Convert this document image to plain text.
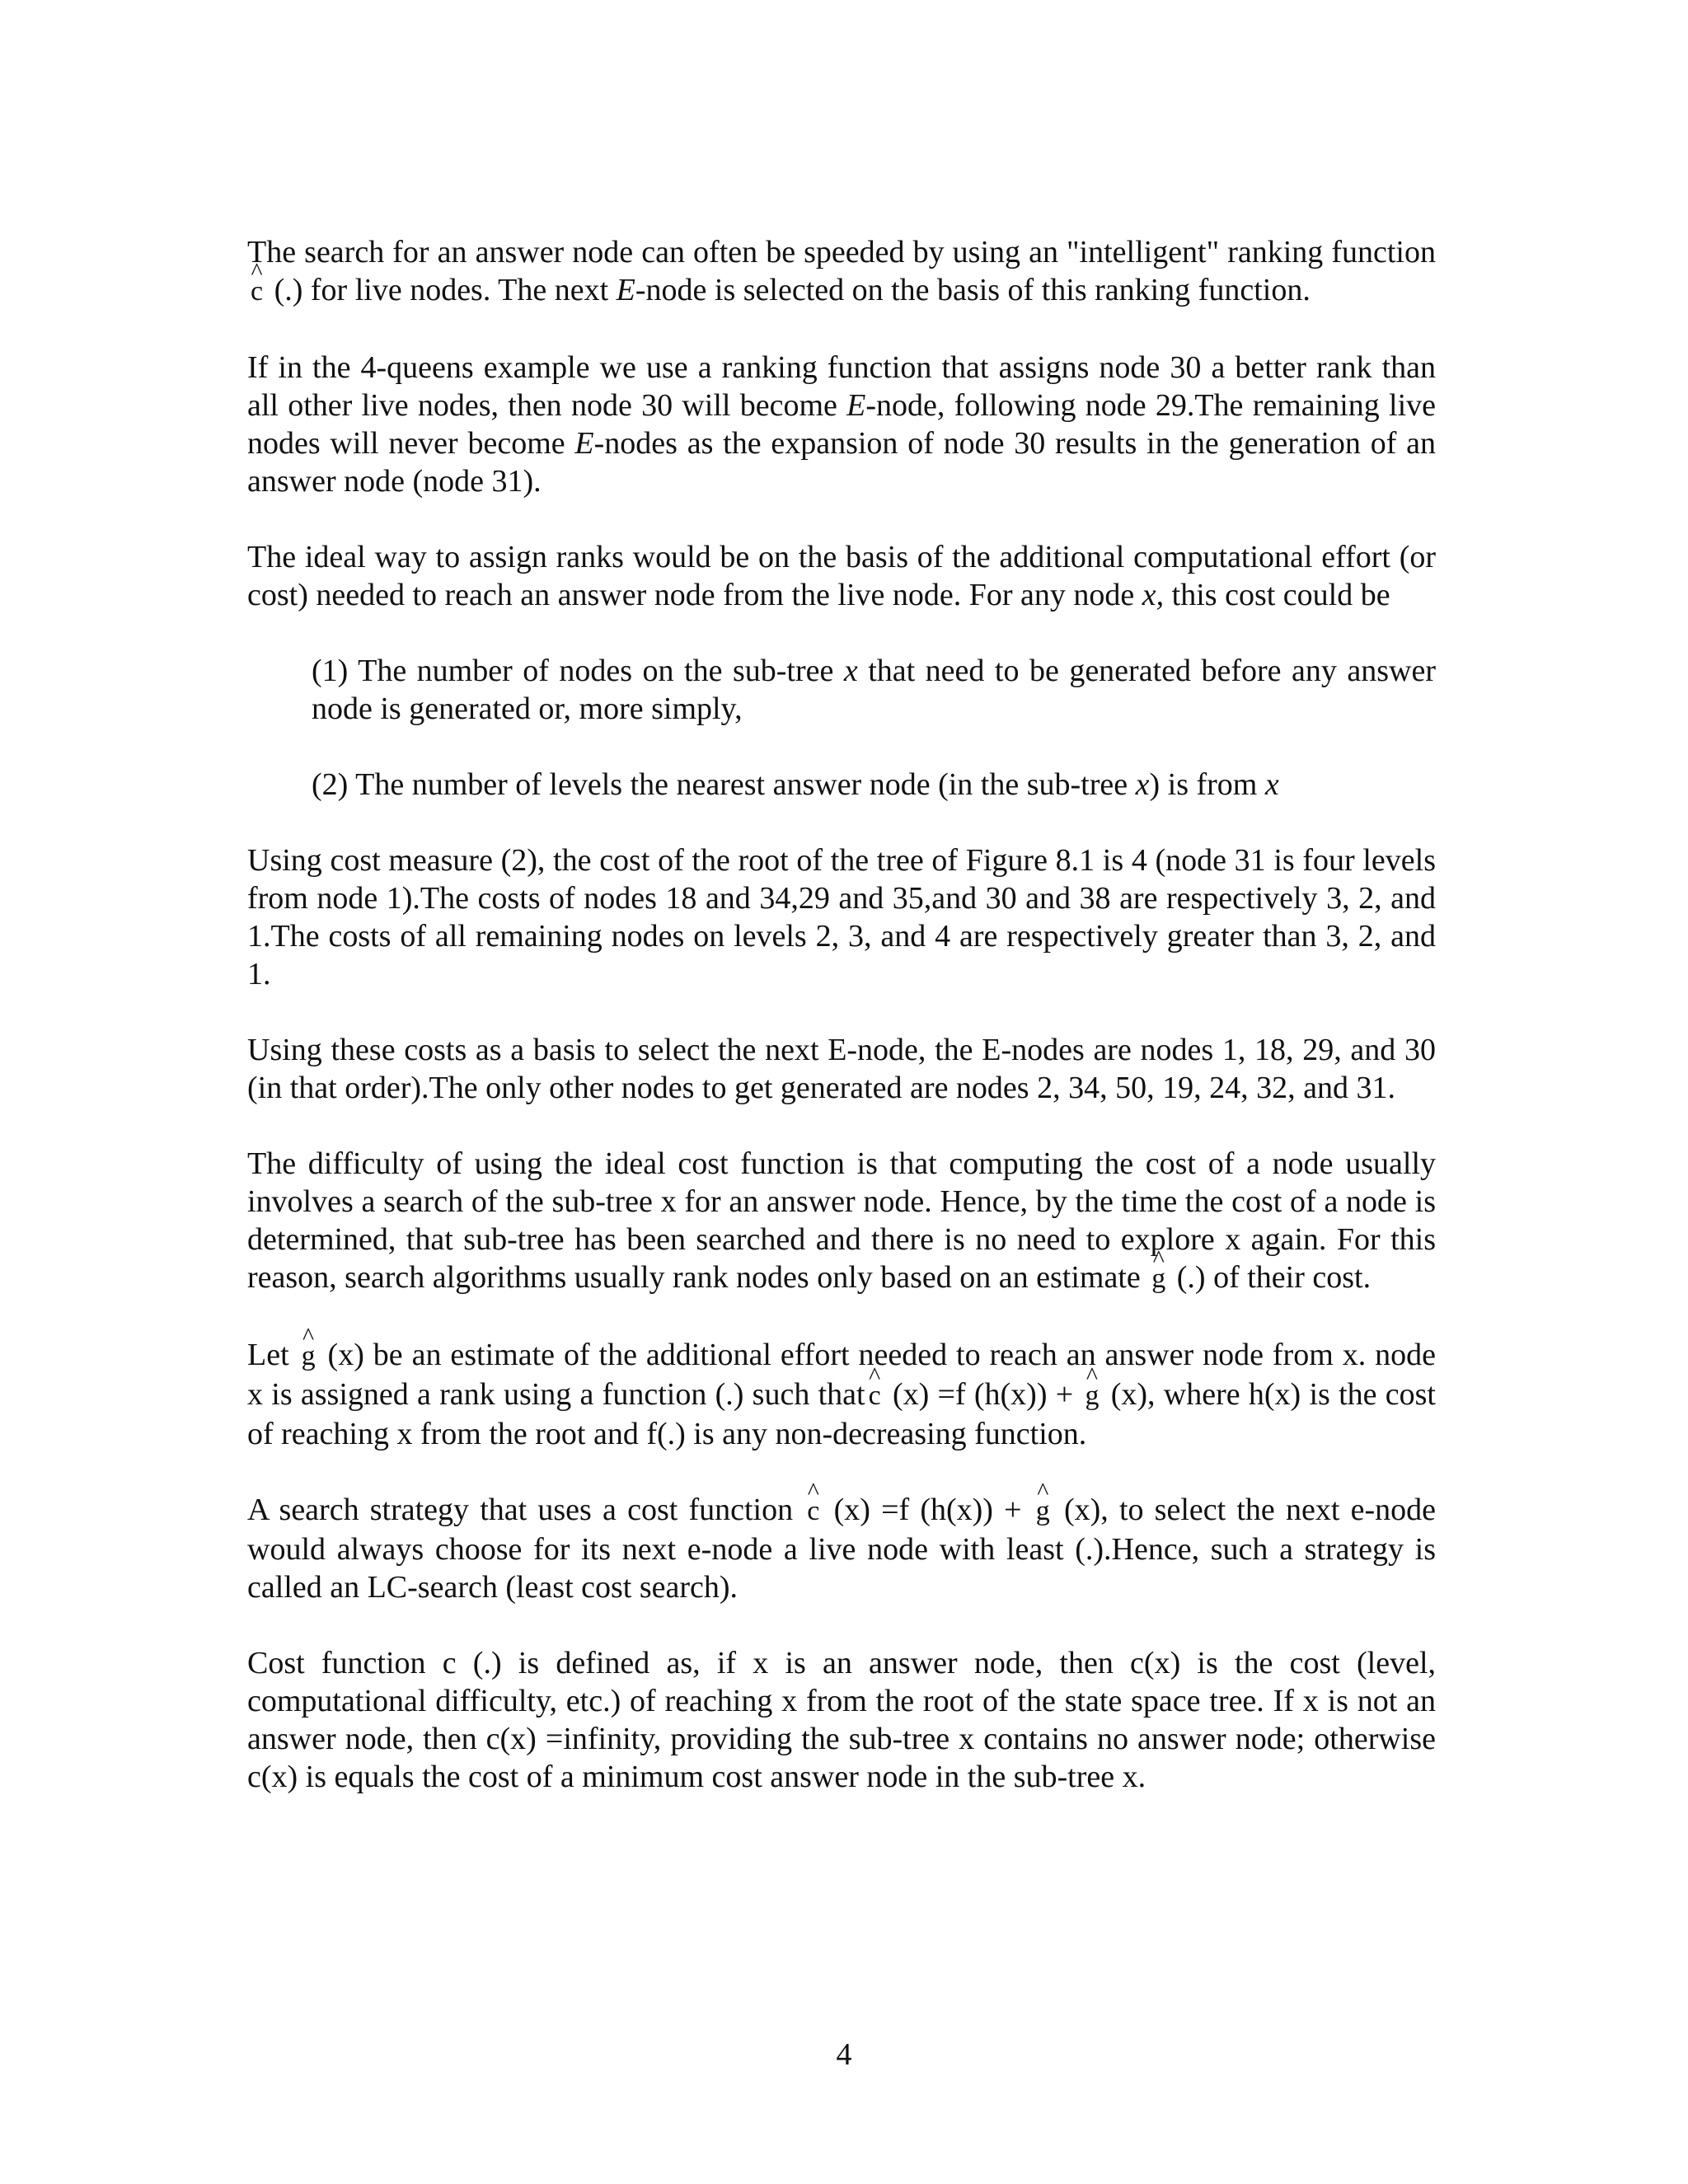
The search for an answer node can often be speeded by using an "intelligent" ranking function ^ c (.) for live nodes. The next E-node is selected on the basis of this ranking function.

If in the 4-queens example we use a ranking function that assigns node 30 a better rank than all other live nodes, then node 30 will become E-node, following node 29.The remaining live nodes will never become E-nodes as the expansion of node 30 results in the generation of an answer node (node 31).

The ideal way to assign ranks would be on the basis of the additional computational effort (or cost) needed to reach an answer node from the live node. For any node x, this cost could be

(1) The number of nodes on the sub-tree x that need to be generated before any answer node is generated or, more simply,

(2) The number of levels the nearest answer node (in the sub-tree x) is from x

Using cost measure (2), the cost of the root of the tree of Figure 8.1 is 4 (node 31 is four levels from node 1).The costs of nodes 18 and 34,29 and 35,and 30 and 38 are respectively 3, 2, and 1.The costs of all remaining nodes on levels 2, 3, and 4 are respectively greater than 3, 2, and 1.

Using these costs as a basis to select the next E-node, the E-nodes are nodes 1, 18, 29, and 30 (in that order).The only other nodes to get generated are nodes 2, 34, 50, 19, 24, 32, and 31.

The difficulty of using the ideal cost function is that computing the cost of a node usually involves a search of the sub-tree x for an answer node. Hence, by the time the cost of a node is determined, that sub-tree has been searched and there is no need to explore x again. For this reason, search algorithms usually rank nodes only based on an estimate ^ g (.) of their cost.

Let ^ g (x) be an estimate of the additional effort needed to reach an answer node from x. node x is assigned a rank using a function (.) such that^ c (x) =f (h(x)) + ^ g (x), where h(x) is the cost of reaching x from the root and f(.) is any non-decreasing function.

A search strategy that uses a cost function ^ c (x) =f (h(x)) + ^ g (x), to select the next e-node would always choose for its next e-node a live node with least (.).Hence, such a strategy is called an LC-search (least cost search).

Cost function c (.) is defined as, if x is an answer node, then c(x) is the cost (level, computational difficulty, etc.) of reaching x from the root of the state space tree. If x is not an answer node, then c(x) =infinity, providing the sub-tree x contains no answer node; otherwise c(x) is equals the cost of a minimum cost answer node in the sub-tree x.

4
